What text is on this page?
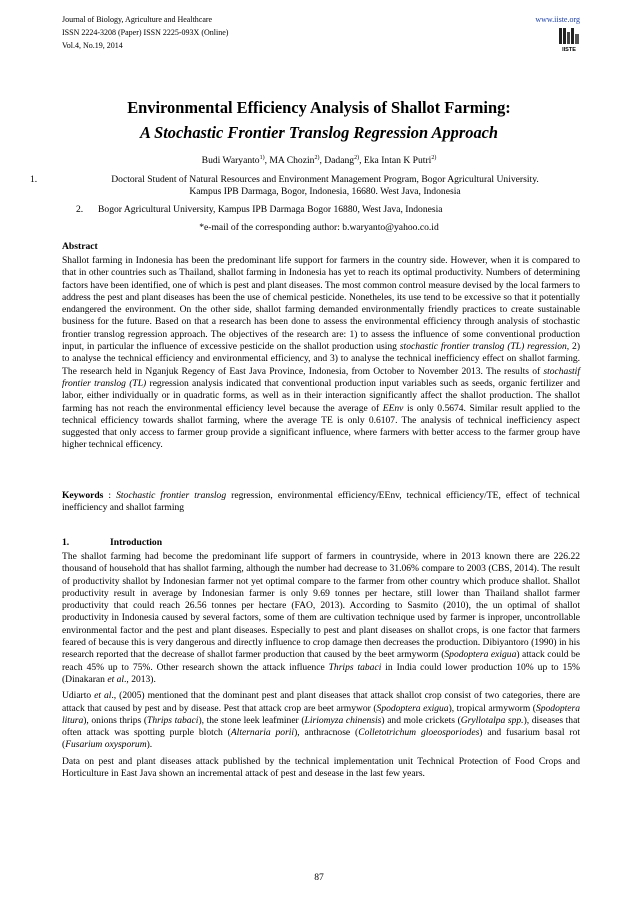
Journal of Biology, Agriculture and Healthcare	www.iiste.org
ISSN 2224-3208 (Paper) ISSN 2225-093X (Online)
Vol.4, No.19, 2014	IISTE
Environmental Efficiency Analysis of Shallot Farming:
A Stochastic Frontier Translog Regression Approach
Budi Waryanto$^{1)}$, MA Chozin$^{2)}$, Dadang$^{2)}$, Eka Intan K Putri$^{2)}$
1.	Doctoral Student of Natural Resources and Environment Management Program, Bogor Agricultural University.
Kampus IPB Darmaga, Bogor, Indonesia, 16680. West Java, Indonesia
2. Bogor Agricultural University, Kampus IPB Darmaga Bogor 16880, West Java, Indonesia
*e-mail of the corresponding author: b.waryanto@yahoo.co.id
Abstract
Shallot farming in Indonesia has been the predominant life support for farmers in the country side. However, when it is compared to that in other countries such as Thailand, shallot farming in Indonesia has yet to reach its optimal productivity. Numbers of determining factors have been identified, one of which is pest and plant diseases. The most common control measure devised by the local farmers to address the pest and plant diseases has been the use of chemical pesticide. Nonetheles, its use tend to be excessive so that it potentially endangered the environment. On the other side, shallot farming demanded environmentally friendly practices to create sustainable business for the future. Based on that a research has been done to assess the environmental efficiency through analysis of stochastic frontier translog regression approach. The objectives of the research are: 1) to assess the influence of some conventional production input, in particular the influence of excessive pesticide on the shallot production using stochastic frontier translog (TL) regression, 2) to analyse the technical efficiency and environmental efficiency, and 3) to analyse the technical inefficiency effect on shallot farming. The research held in Nganjuk Regency of East Java Province, Indonesia, from October to November 2013. The results of stochastif frontier translog (TL) regression analysis indicated that conventional production input variables such as seeds, organic fertilizer and labor, either individually or in quadratic forms, as well as in their interaction significantly affect the shallot production. The shallot farming has not reach the environmental efficiency level because the average of EEnv is only 0.5674. Similar result applied to the technical efficiency towards shallot farming, where the average TE is only 0.6107. The analysis of technical inefficiency aspect suggested that only access to farmer group provide a significant influence, where farmers with better access to the farmer group have higher technical efficency.
Keywords : Stochastic frontier translog regression, environmental efficiency/EEnv, technical efficiency/TE, effect of technical inefficiency and shallot farming
1.	Introduction

The shallot farming had become the predominant life support of farmers in countryside, where in 2013 known there are 226.22 thousand of household that has shallot farming, although the number had decrease to 31.06% compare to 2003 (CBS, 2014). The result of productivity shallot by Indonesian farmer not yet optimal compare to the farmer from other country which produce shallot. Shallot productivity result in average by Indonesian farmer is only 9.69 tonnes per hectare, still lower than Thailand shallot farmer productivity that could reach 26.56 tonnes per hectare (FAO, 2013). According to Sasmito (2010), the un optimal of shallot productivity in Indonesia caused by several factors, some of them are cultivation technique used by farmer is inproper, uncontrollable environmental factor and the pest and plant diseases. Especially to pest and plant diseases on shallot crops, is one factor that farmers feared of because this is very dangerous and directly influence to crop damage then decreases the production. Dibiyantoro (1990) in his research reported that the decrease of shallot farmer production that caused by the beet armyworm (Spodoptera exigua) attack could be reach 45% up to 75%. Other research shown the attack influence Thrips tabaci in India could lower production 10% up to 15% (Dinakaran et al., 2013).

Udiarto et al., (2005) mentioned that the dominant pest and plant diseases that attack shallot crop consist of two categories, there are attack that caused by pest and by disease. Pest that attack crop are beet armywor (Spodoptera exigua), tropical armyworm (Spodoptera litura), onions thrips (Thrips tabaci), the stone leek leafminer (Liriomyza chinensis) and mole crickets (Gryllotalpa spp.), diseases that often attack was spotting purple blotch (Alternaria porii), anthracnose (Colletotrichum gloeosporiodes) and fusarium basal rot (Fusarium oxysporum).

Data on pest and plant diseases attack published by the technical implementation unit Technical Protection of Food Crops and Horticulture in East Java shown an incremental attack of pest and desease in the last few years.

87
